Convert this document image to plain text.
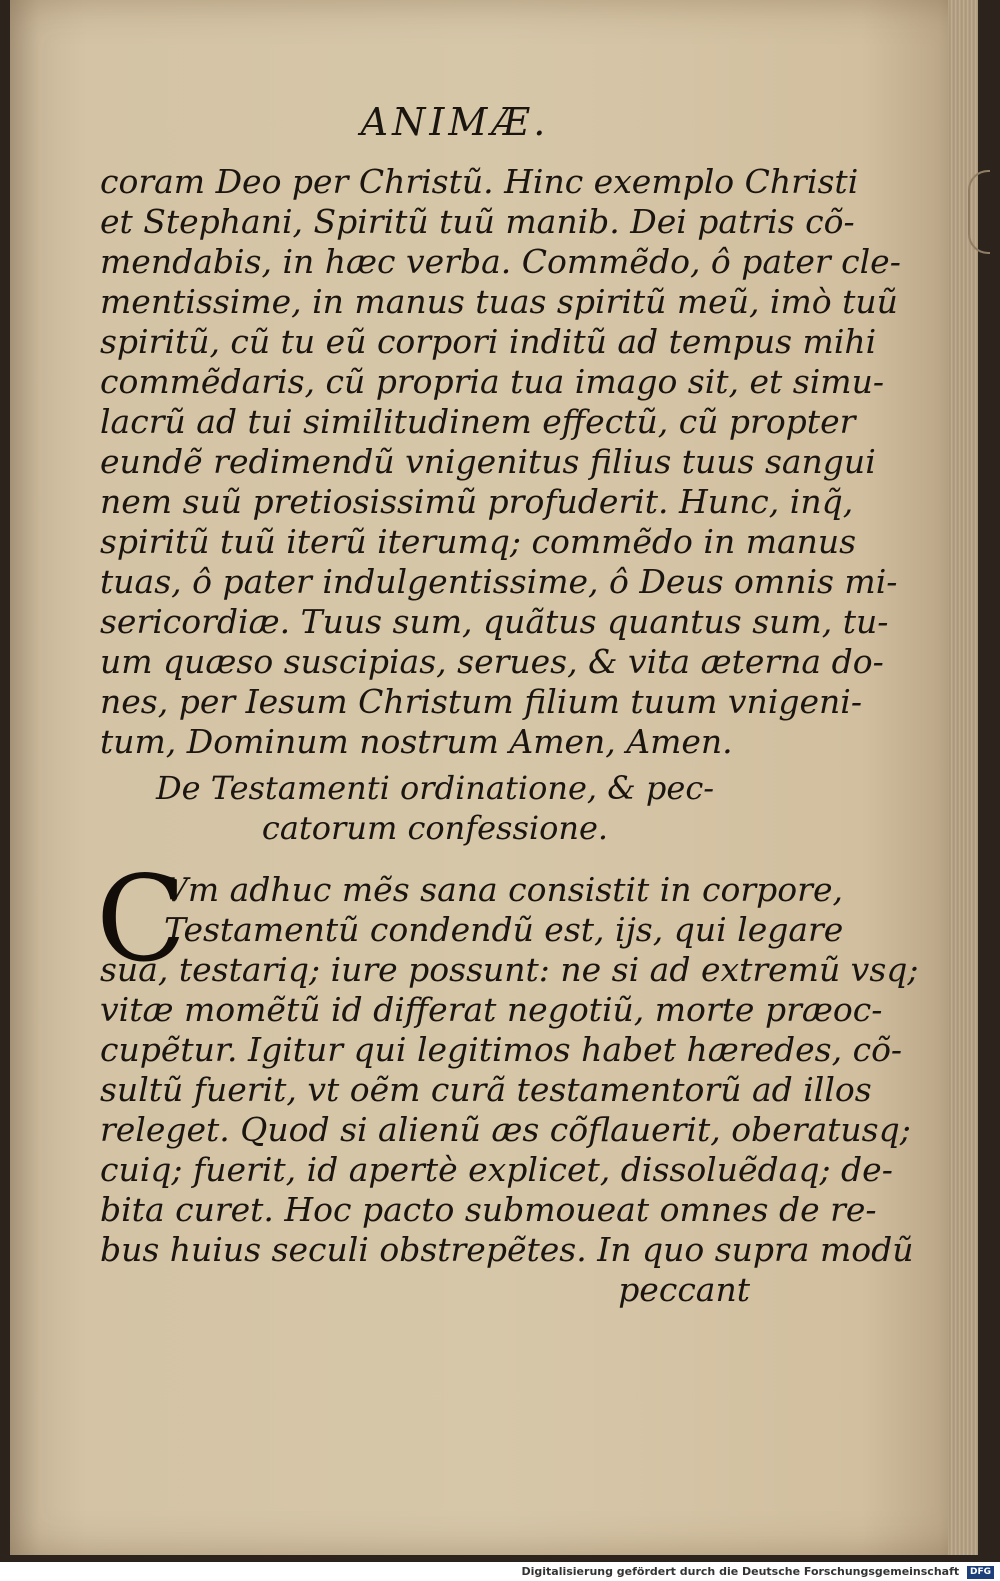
ANIMÆ.
coram Deo per Christũ. Hinc exemplo Christi
et Stephani, Spiritũ tuũ manib. Dei patris cõ-
mendabis, in hæc verba. Commẽdo, ô pater cle-
mentissime, in manus tuas spiritũ meũ, imò tuũ
spiritũ, cũ tu eũ corpori inditũ ad tempus mihi
commẽdaris, cũ propria tua imago sit, et simu-
lacrũ ad tui similitudinem effectũ, cũ propter
eundẽ redimendũ vnigenitus filius tuus sangui
nem suũ pretiosissimũ profuderit. Hunc, inq̃,
spiritũ tuũ iterũ iterumq; commẽdo in manus
tuas, ô pater indulgentissime, ô Deus omnis mi-
sericordiæ. Tuus sum, quãtus quantus sum, tu-
um quæso suscipias, serues, & vita æterna do-
nes, per Iesum Christum filium tuum vnigeni-
tum, Dominum nostrum Amen, Amen.
De Testamenti ordinatione, & pec-
catorum confessione.
C
Vm adhuc mẽs sana consistit in corpore,
Testamentũ condendũ est, ijs, qui legare
sua, testariq; iure possunt: ne si ad extremũ vsq;
vitæ momẽtũ id differat negotiũ, morte præoc-
cupẽtur. Igitur qui legitimos habet hæredes, cõ-
sultũ fuerit, vt oẽm curã testamentorũ ad illos
releget. Quod si alienũ æs cõflauerit, oberatusq;
cuiq; fuerit, id apertè explicet, dissoluẽdaq; de-
bita curet. Hoc pacto submoueat omnes de re-
bus huius seculi obstrepẽtes. In quo supra modũ
peccant
Digitalisierung gefördert durch die Deutsche Forschungsgemeinschaft DFG
